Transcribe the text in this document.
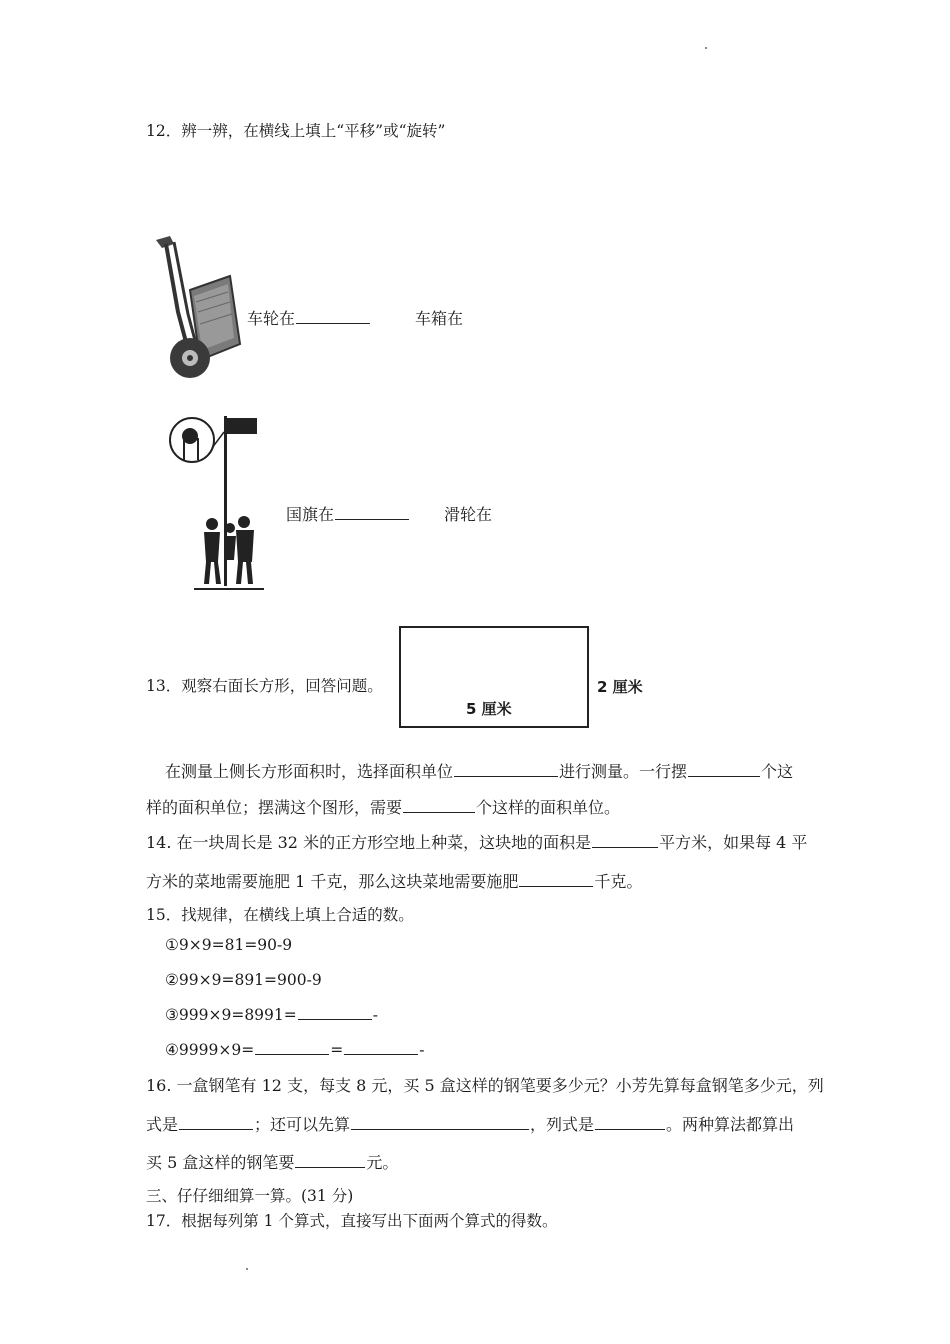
12．辨一辨，在横线上填上“平移”或“旋转”
车轮在	车箱在
国旗在	滑轮在
13．观察右面长方形，回答问题。
5 厘米
2 厘米
在测量上侧长方形面积时，选择面积单位	进行测量。一行摆	个这
样的面积单位；摆满这个图形，需要	个这样的面积单位。
14. 在一块周长是 32 米的正方形空地上种菜，这块地的面积是	平方米，如果每 4 平
方米的菜地需要施肥 1 千克，那么这块菜地需要施肥	千克。
15．找规律，在横线上填上合适的数。
①9×9=81=90-9
②99×9=891=900-9
③999×9=8991=	-
④9999×9=	=	-
16. 一盒钢笔有 12 支，每支 8 元，买 5 盒这样的钢笔要多少元？小芳先算每盒钢笔多少元，列
式是	；还可以先算	，列式是	。两种算法都算出
买 5 盒这样的钢笔要	元。
三、仔仔细细算一算。(31 分)
17．根据每列第 1 个算式，直接写出下面两个算式的得数。
